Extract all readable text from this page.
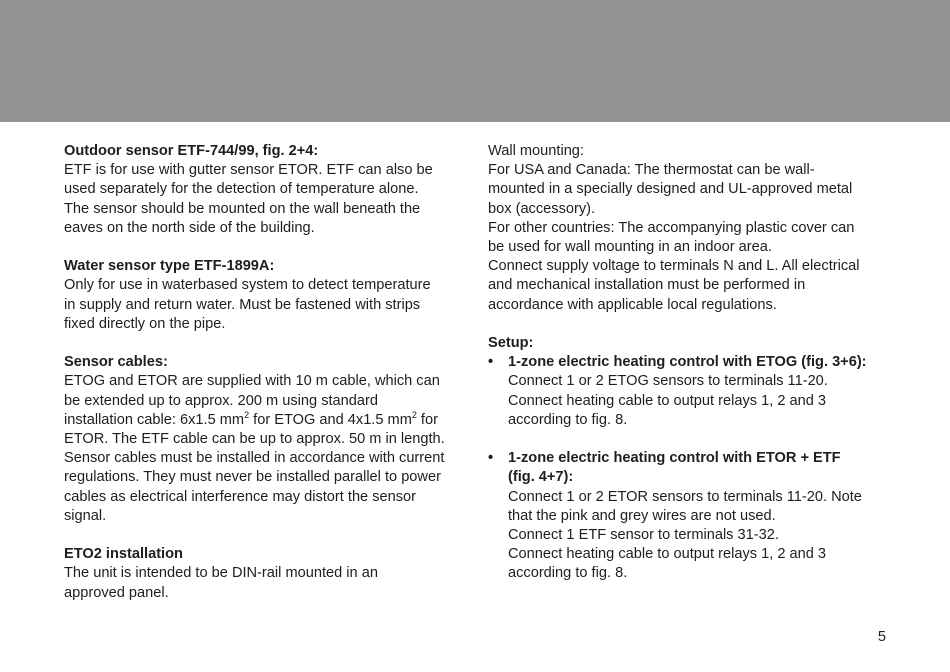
Outdoor sensor ETF-744/99, fig. 2+4:

ETF is for use with gutter sensor ETOR. ETF can also be

used separately for the detection of temperature alone.

The sensor should be mounted on the wall beneath the

eaves on the north side of the building.

Water sensor type ETF-1899A:

Only for use in waterbased system to detect temperature

in supply and return water. Must be fastened with strips

fixed directly on the pipe.

Sensor cables:

ETOG and ETOR are supplied with 10 m cable, which can

be extended up to approx. 200 m using standard

installation cable: 6x1.5 $mm^2$ for ETOG and 4x1.5 $mm^2$ for

ETOR. The ETF cable can be up to approx. 50 m in length.

Sensor cables must be installed in accordance with current

regulations. They must never be installed parallel to power

cables as electrical interference may distort the sensor

signal.

ETO2 installation

The unit is intended to be DIN-rail mounted in an

approved panel.

Wall mounting:

For USA and Canada: The thermostat can be wall-

mounted in a specially designed and UL-approved metal

box (accessory).

For other countries: The accompanying plastic cover can

be used for wall mounting in an indoor area.

Connect supply voltage to terminals N and L. All electrical

and mechanical installation must be performed in

accordance with applicable local regulations.

Setup:

• 1-zone electric heating control with ETOG (fig. 3+6):

Connect 1 or 2 ETOG sensors to terminals 11-20.

Connect heating cable to output relays 1, 2 and 3

according to fig. 8.

• 1-zone electric heating control with ETOR + ETF

(fig. 4+7):

Connect 1 or 2 ETOR sensors to terminals 11-20. Note

that the pink and grey wires are not used.

Connect 1 ETF sensor to terminals 31-32.

Connect heating cable to output relays 1, 2 and 3

according to fig. 8.

5
